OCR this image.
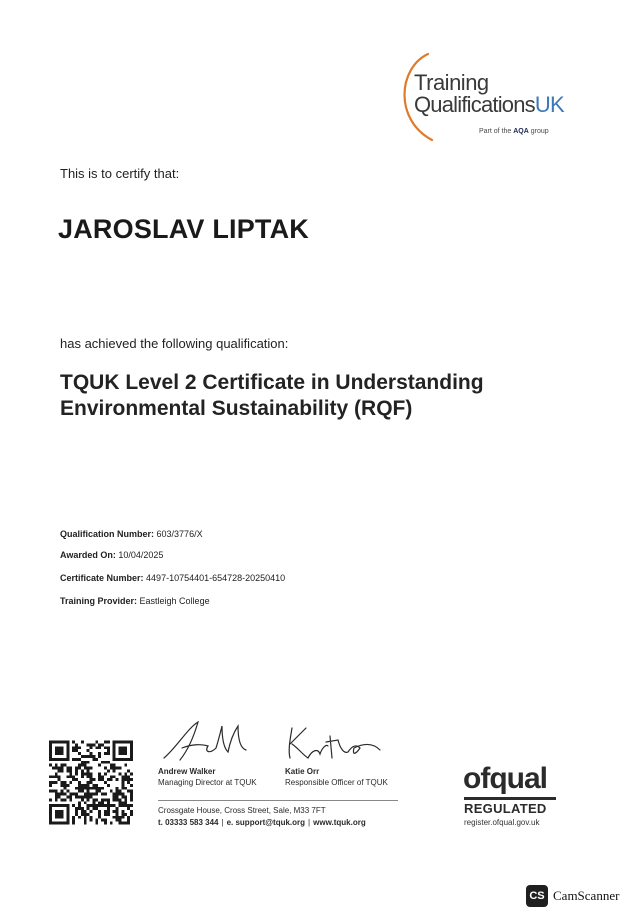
Training
QualificationsUK
Part of the AQA group
This is to certify that:
JAROSLAV LIPTAK
has achieved the following qualification:
TQUK Level 2 Certificate in Understanding Environmental Sustainability (RQF)
Qualification Number: 603/3776/X
Awarded On: 10/04/2025
Certificate Number: 4497-10754401-654728-20250410
Training Provider: Eastleigh College
Andrew Walker
Managing Director at TQUK
Katie Orr
Responsible Officer of TQUK
Crossgate House, Cross Street, Sale, M33 7FT
t. 03333 583 344 | e. support@tquk.org | www.tquk.org
ofqual
REGULATED
register.ofqual.gov.uk
CS CamScanner
